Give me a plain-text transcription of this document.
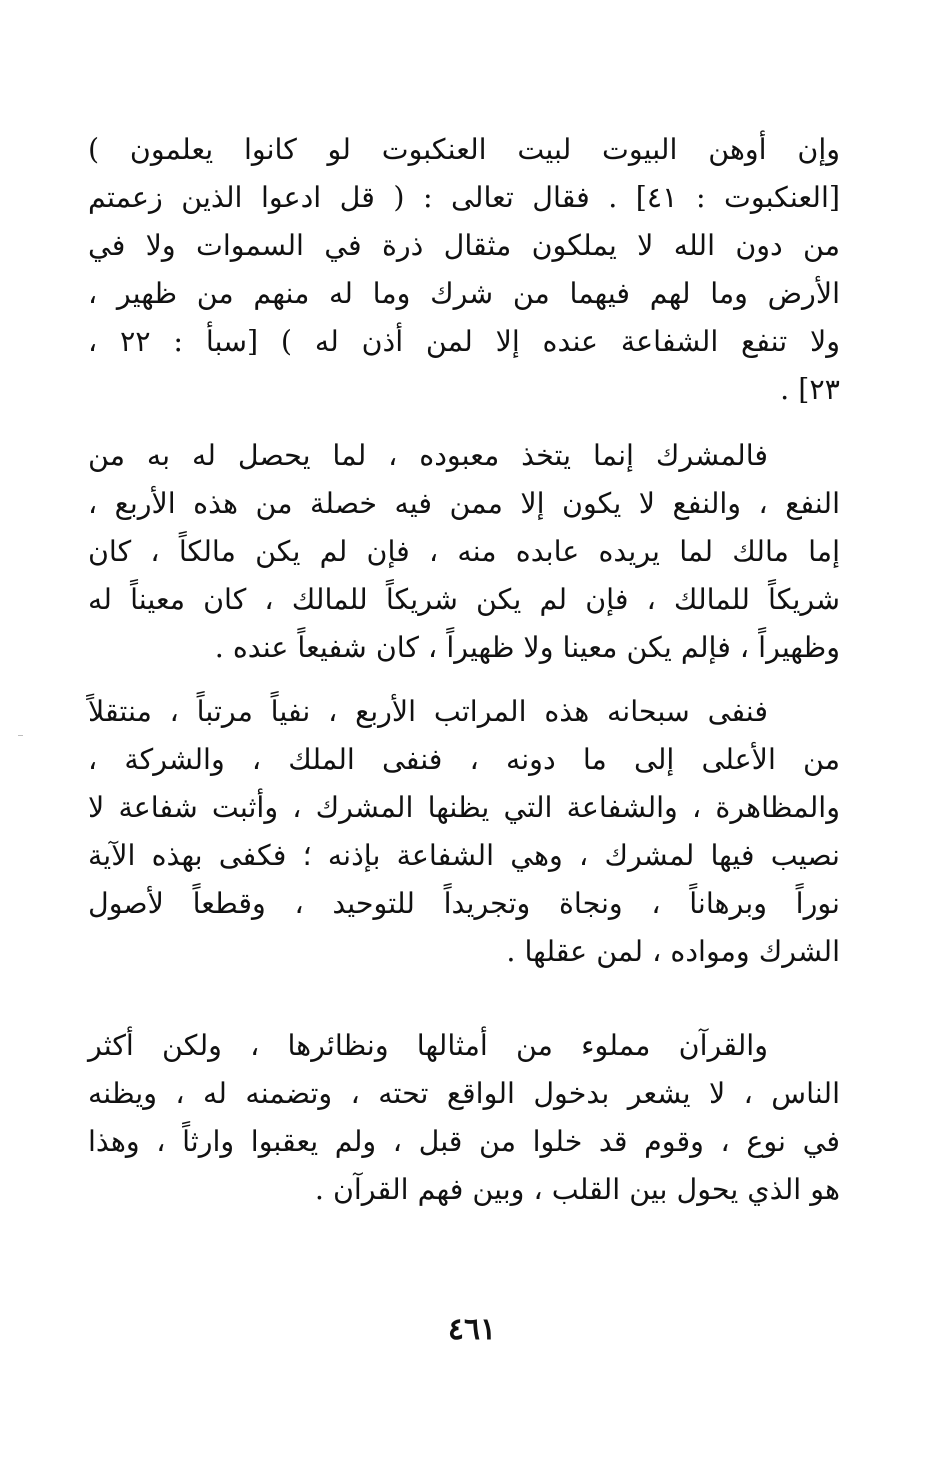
وإن أوهن البيوت لبيت العنكبوت لو كانوا يعلمون )
[العنكبوت : ٤١] . فقال تعالى : ( قل ادعوا الذين زعمتم
من دون الله لا يملكون مثقال ذرة في السموات ولا في
الأرض وما لهم فيهما من شرك وما له منهم من ظهير ،
ولا تنفع الشفاعة عنده إلا لمن أذن له ) [سبأ : ٢٢ ،
٢٣] .
فالمشرك إنما يتخذ معبوده ، لما يحصل له به من
النفع ، والنفع لا يكون إلا ممن فيه خصلة من هذه الأربع ،
إما مالك لما يريده عابده منه ، فإن لم يكن مالكاً ، كان
شريكاً للمالك ، فإن لم يكن شريكاً للمالك ، كان معيناً له
وظهيراً ، فإلم يكن معينا ولا ظهيراً ، كان شفيعاً عنده .
فنفى سبحانه هذه المراتب الأربع ، نفياً مرتباً ، منتقلاً
من الأعلى إلى ما دونه ، فنفى الملك ، والشركة ،
والمظاهرة ، والشفاعة التي يظنها المشرك ، وأثبت شفاعة لا
نصيب فيها لمشرك ، وهي الشفاعة بإذنه ؛ فكفى بهذه الآية
نوراً وبرهاناً ، ونجاة وتجريداً للتوحيد ، وقطعاً لأصول
الشرك ومواده ، لمن عقلها .
والقرآن مملوء من أمثالها ونظائرها ، ولكن أكثر
الناس ، لا يشعر بدخول الواقع تحته ، وتضمنه له ، ويظنه
في نوع ، وقوم قد خلوا من قبل ، ولم يعقبوا وارثاً ، وهذا
هو الذي يحول بين القلب ، وبين فهم القرآن .
٤٦١
